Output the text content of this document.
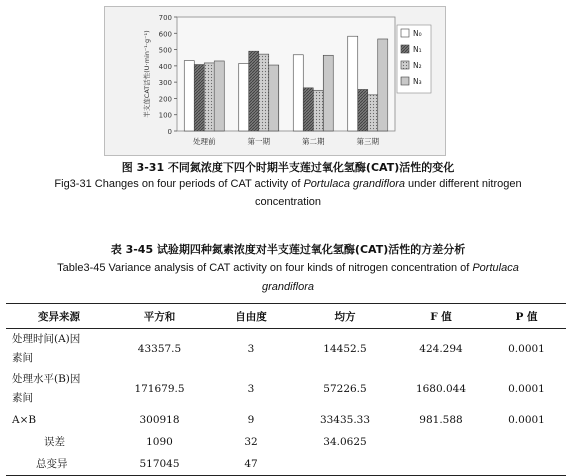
0
100
200
300
400
500
600
700
半支莲CAT活性(U·min⁻¹·g⁻¹)
处理前	第一期	第二期	第三期
N₀
N₁
N₂
N₃
图 3-31 不同氮浓度下四个时期半支莲过氧化氢酶(CAT)活性的变化
Fig3-31 Changes on four periods of CAT activity of Portulaca grandiflora under different nitrogen
concentration
表 3-45 试验期四种氮素浓度对半支莲过氧化氢酶(CAT)活性的方差分析
Table3-45 Variance analysis of CAT activity on four kinds of nitrogen concentration of Portulaca
grandiflora
变异来源	平方和	自由度	均方	F 值	P 值
处理时间(A)因
素间	43357.5	3	14452.5	424.294	0.0001
处理水平(B)因
素间	171679.5	3	57226.5	1680.044	0.0001
A×B	300918	9	33435.33	981.588	0.0001
误差	1090	32	34.0625		
总变异	517045	47			
